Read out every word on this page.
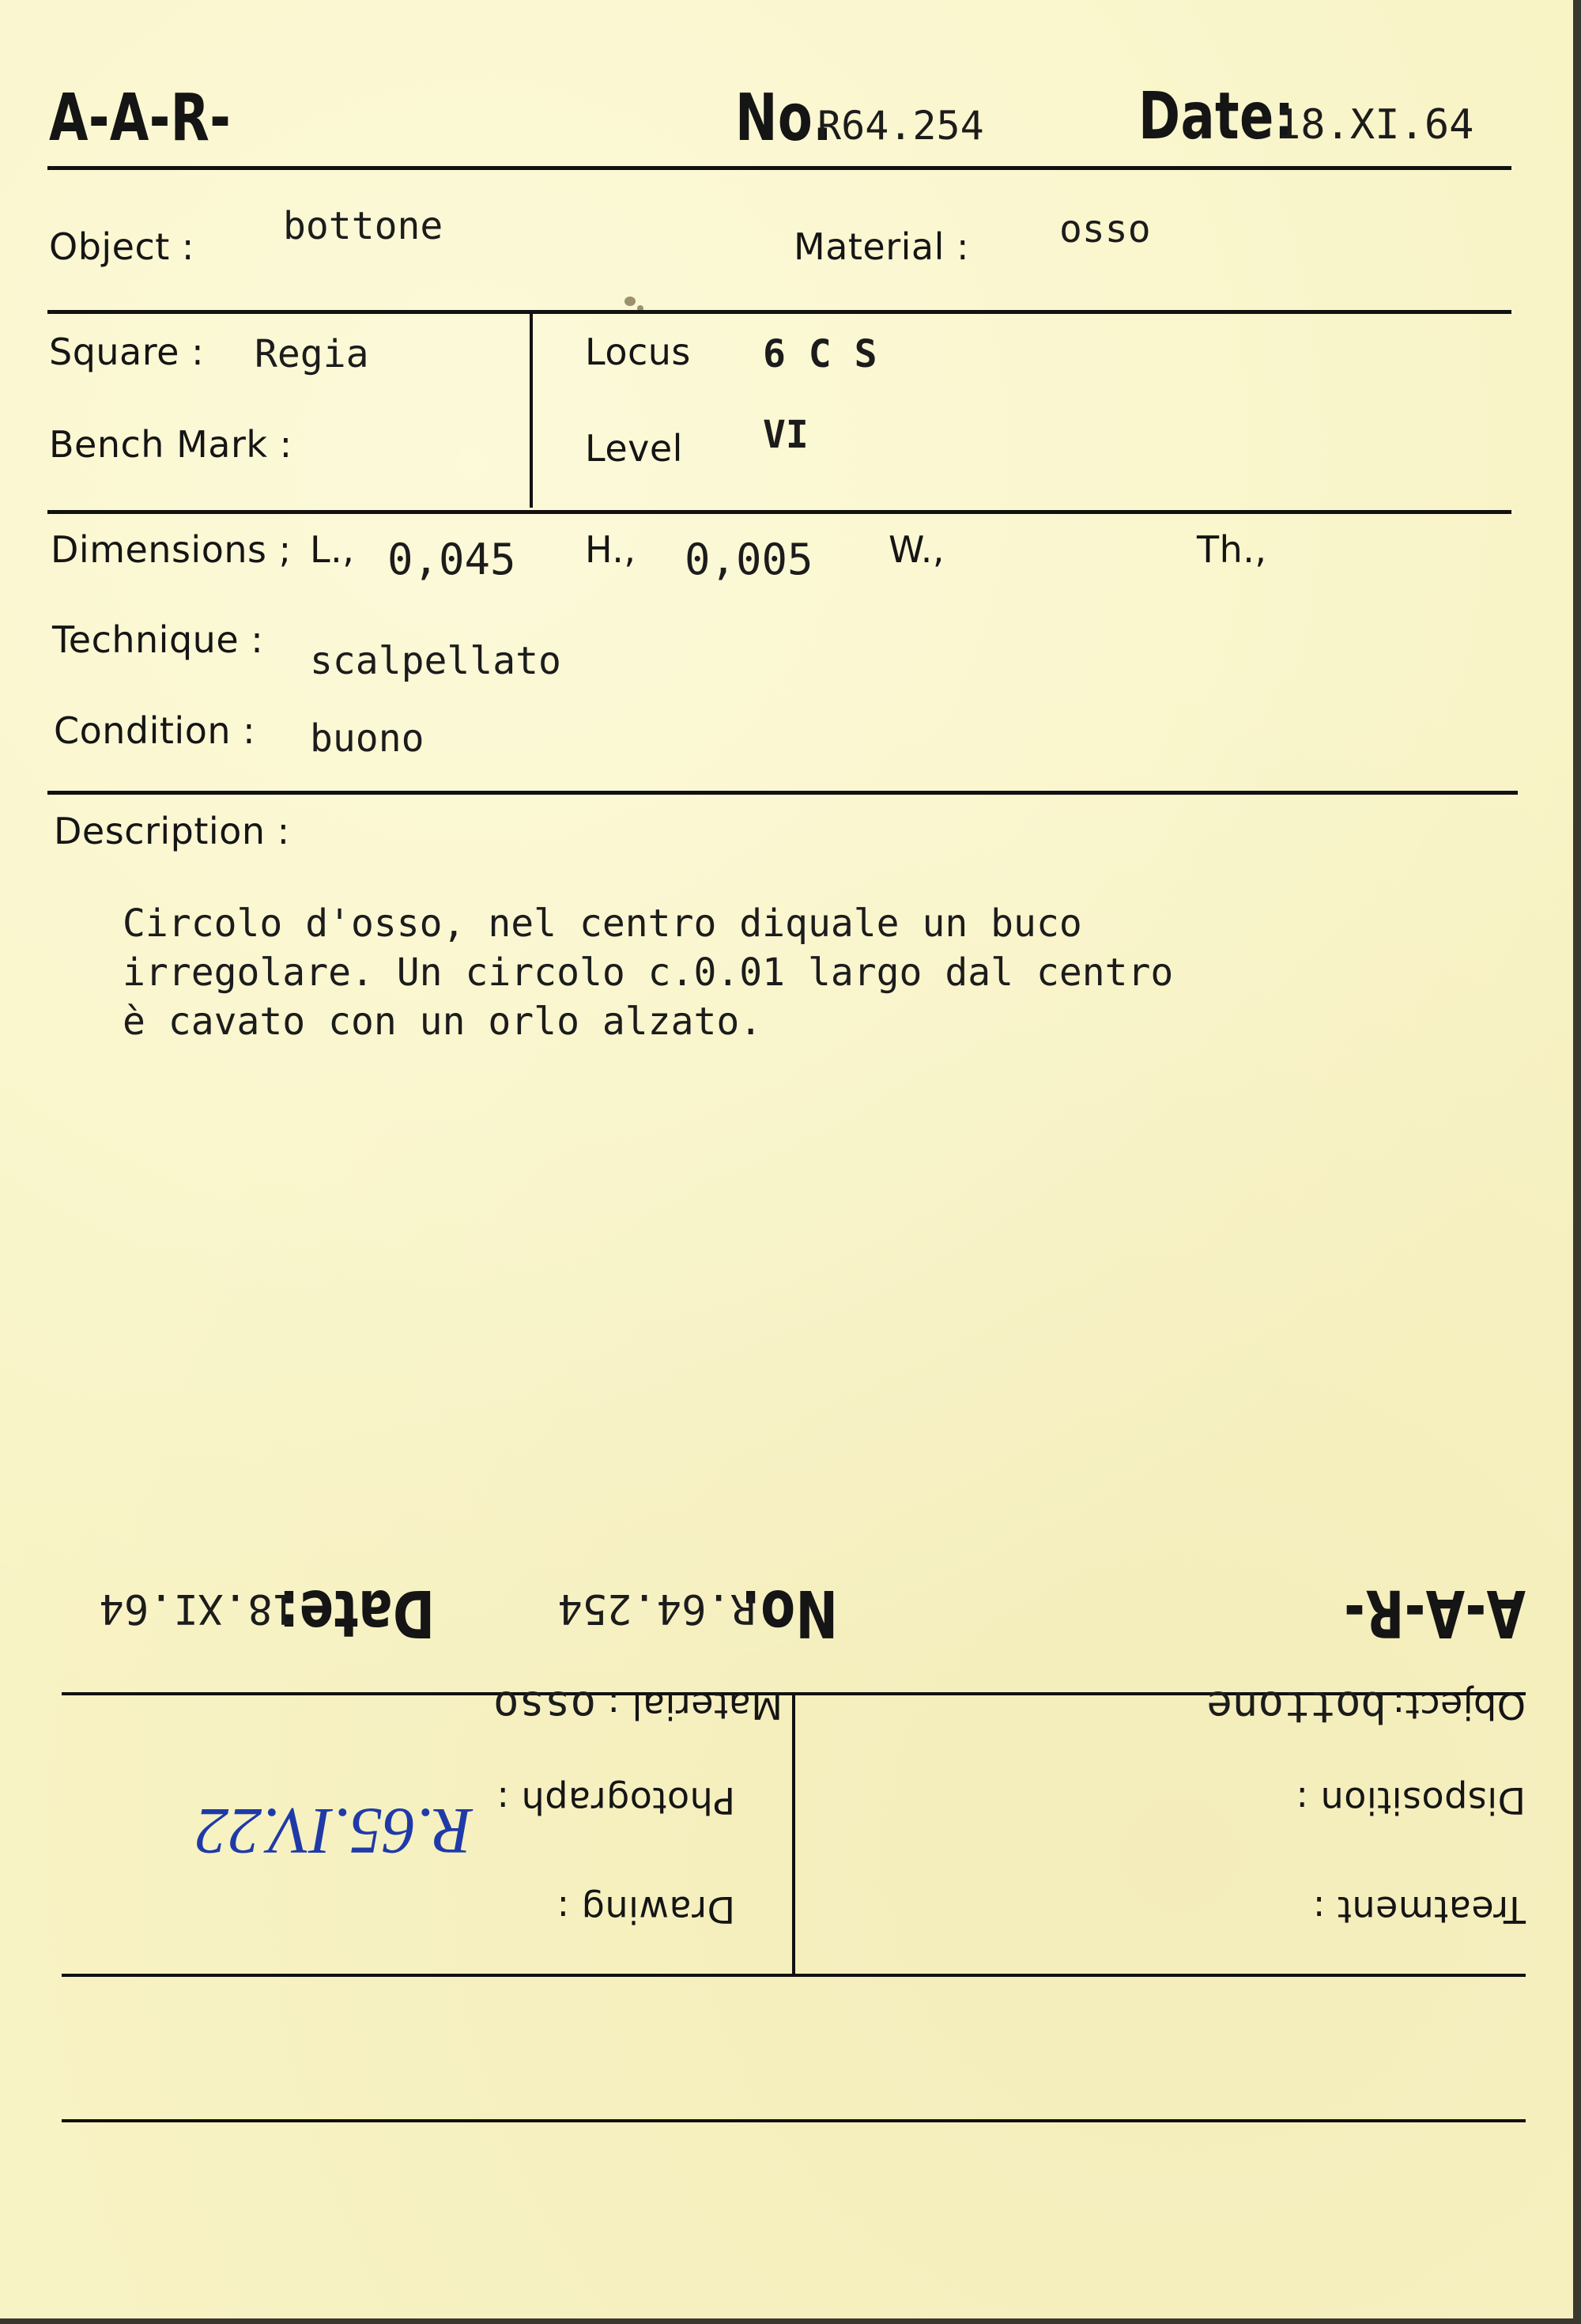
A-A-R-	No.
R64.254 Date:
18.XI.64
Object : bottone	Material : osso
Square : Regia
Bench Mark :
Locus 6 C S
Level VI
Dimensions ; L., 0,045 H., 0,005 W.,	Th.,
Technique : scalpellato
Condition : buono
Description :
Circolo d'osso, nel centro diquale un buco
irregolare. Un circolo c.0.01 largo dal centro
è cavato con un orlo alzato.
Treatment :
Drawing :
Disposition :
Photograph :
R.65.IV.22
Object:
bottone
Material :
osso
A-A-R-
No.
R.64.254
Date:
18.XI.64
